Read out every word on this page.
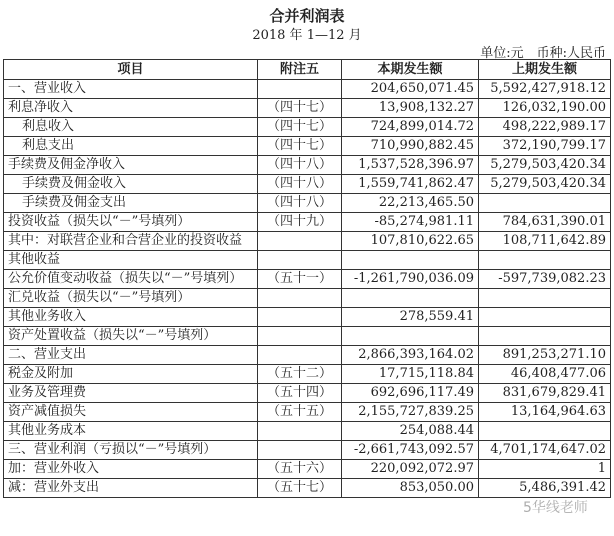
合并利润表
2018 年 1—12 月
单位:元　币种:人民币
项目	附注五	本期发生额	上期发生额
一、营业收入		204,650,071.45	5,592,427,918.12
利息净收入	（四十七）	13,908,132.27	126,032,190.00
利息收入	（四十七）	724,899,014.72	498,222,989.17
利息支出	（四十七）	710,990,882.45	372,190,799.17
手续费及佣金净收入	（四十八）	1,537,528,396.97	5,279,503,420.34
手续费及佣金收入	（四十八）	1,559,741,862.47	5,279,503,420.34
手续费及佣金支出	（四十八）	22,213,465.50	
投资收益（损失以“－”号填列）	（四十九）	-85,274,981.11	784,631,390.01
其中：对联营企业和合营企业的投资收益		107,810,622.65	108,711,642.89
其他收益			
公允价值变动收益（损失以“－”号填列）	（五十一）	-1,261,790,036.09	-597,739,082.23
汇兑收益（损失以“－”号填列）			
其他业务收入		278,559.41	
资产处置收益（损失以“－”号填列）			
二、营业支出		2,866,393,164.02	891,253,271.10
税金及附加	（五十二）	17,715,118.84	46,408,477.06
业务及管理费	（五十四）	692,696,117.49	831,679,829.41
资产减值损失	（五十五）	2,155,727,839.25	13,164,964.63
其他业务成本		254,088.44	
三、营业利润（亏损以“－”号填列）		-2,661,743,092.57	4,701,174,647.02
加：营业外收入	（五十六）	220,092,072.97	1
减：营业外支出	（五十七）	853,050.00	5,486,391.42
5华线老师
